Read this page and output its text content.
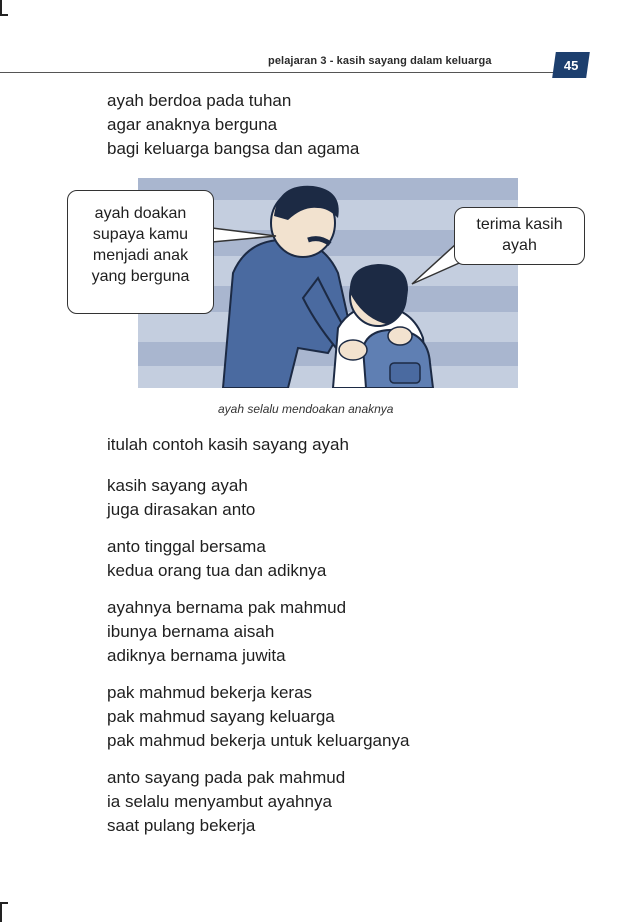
pelajaran 3 - kasih sayang dalam keluarga	45
ayah berdoa pada tuhan
agar anaknya berguna
bagi keluarga bangsa dan agama
ayah doakan
supaya kamu
menjadi anak
yang berguna
terima kasih
ayah
ayah selalu mendoakan anaknya
itulah contoh kasih sayang ayah
kasih sayang ayah
juga dirasakan anto
anto tinggal bersama
kedua orang tua dan adiknya
ayahnya bernama pak mahmud
ibunya bernama aisah
adiknya bernama juwita
pak mahmud bekerja keras
pak mahmud sayang keluarga
pak mahmud bekerja untuk keluarganya
anto sayang pada pak mahmud
ia selalu menyambut ayahnya
saat pulang bekerja
